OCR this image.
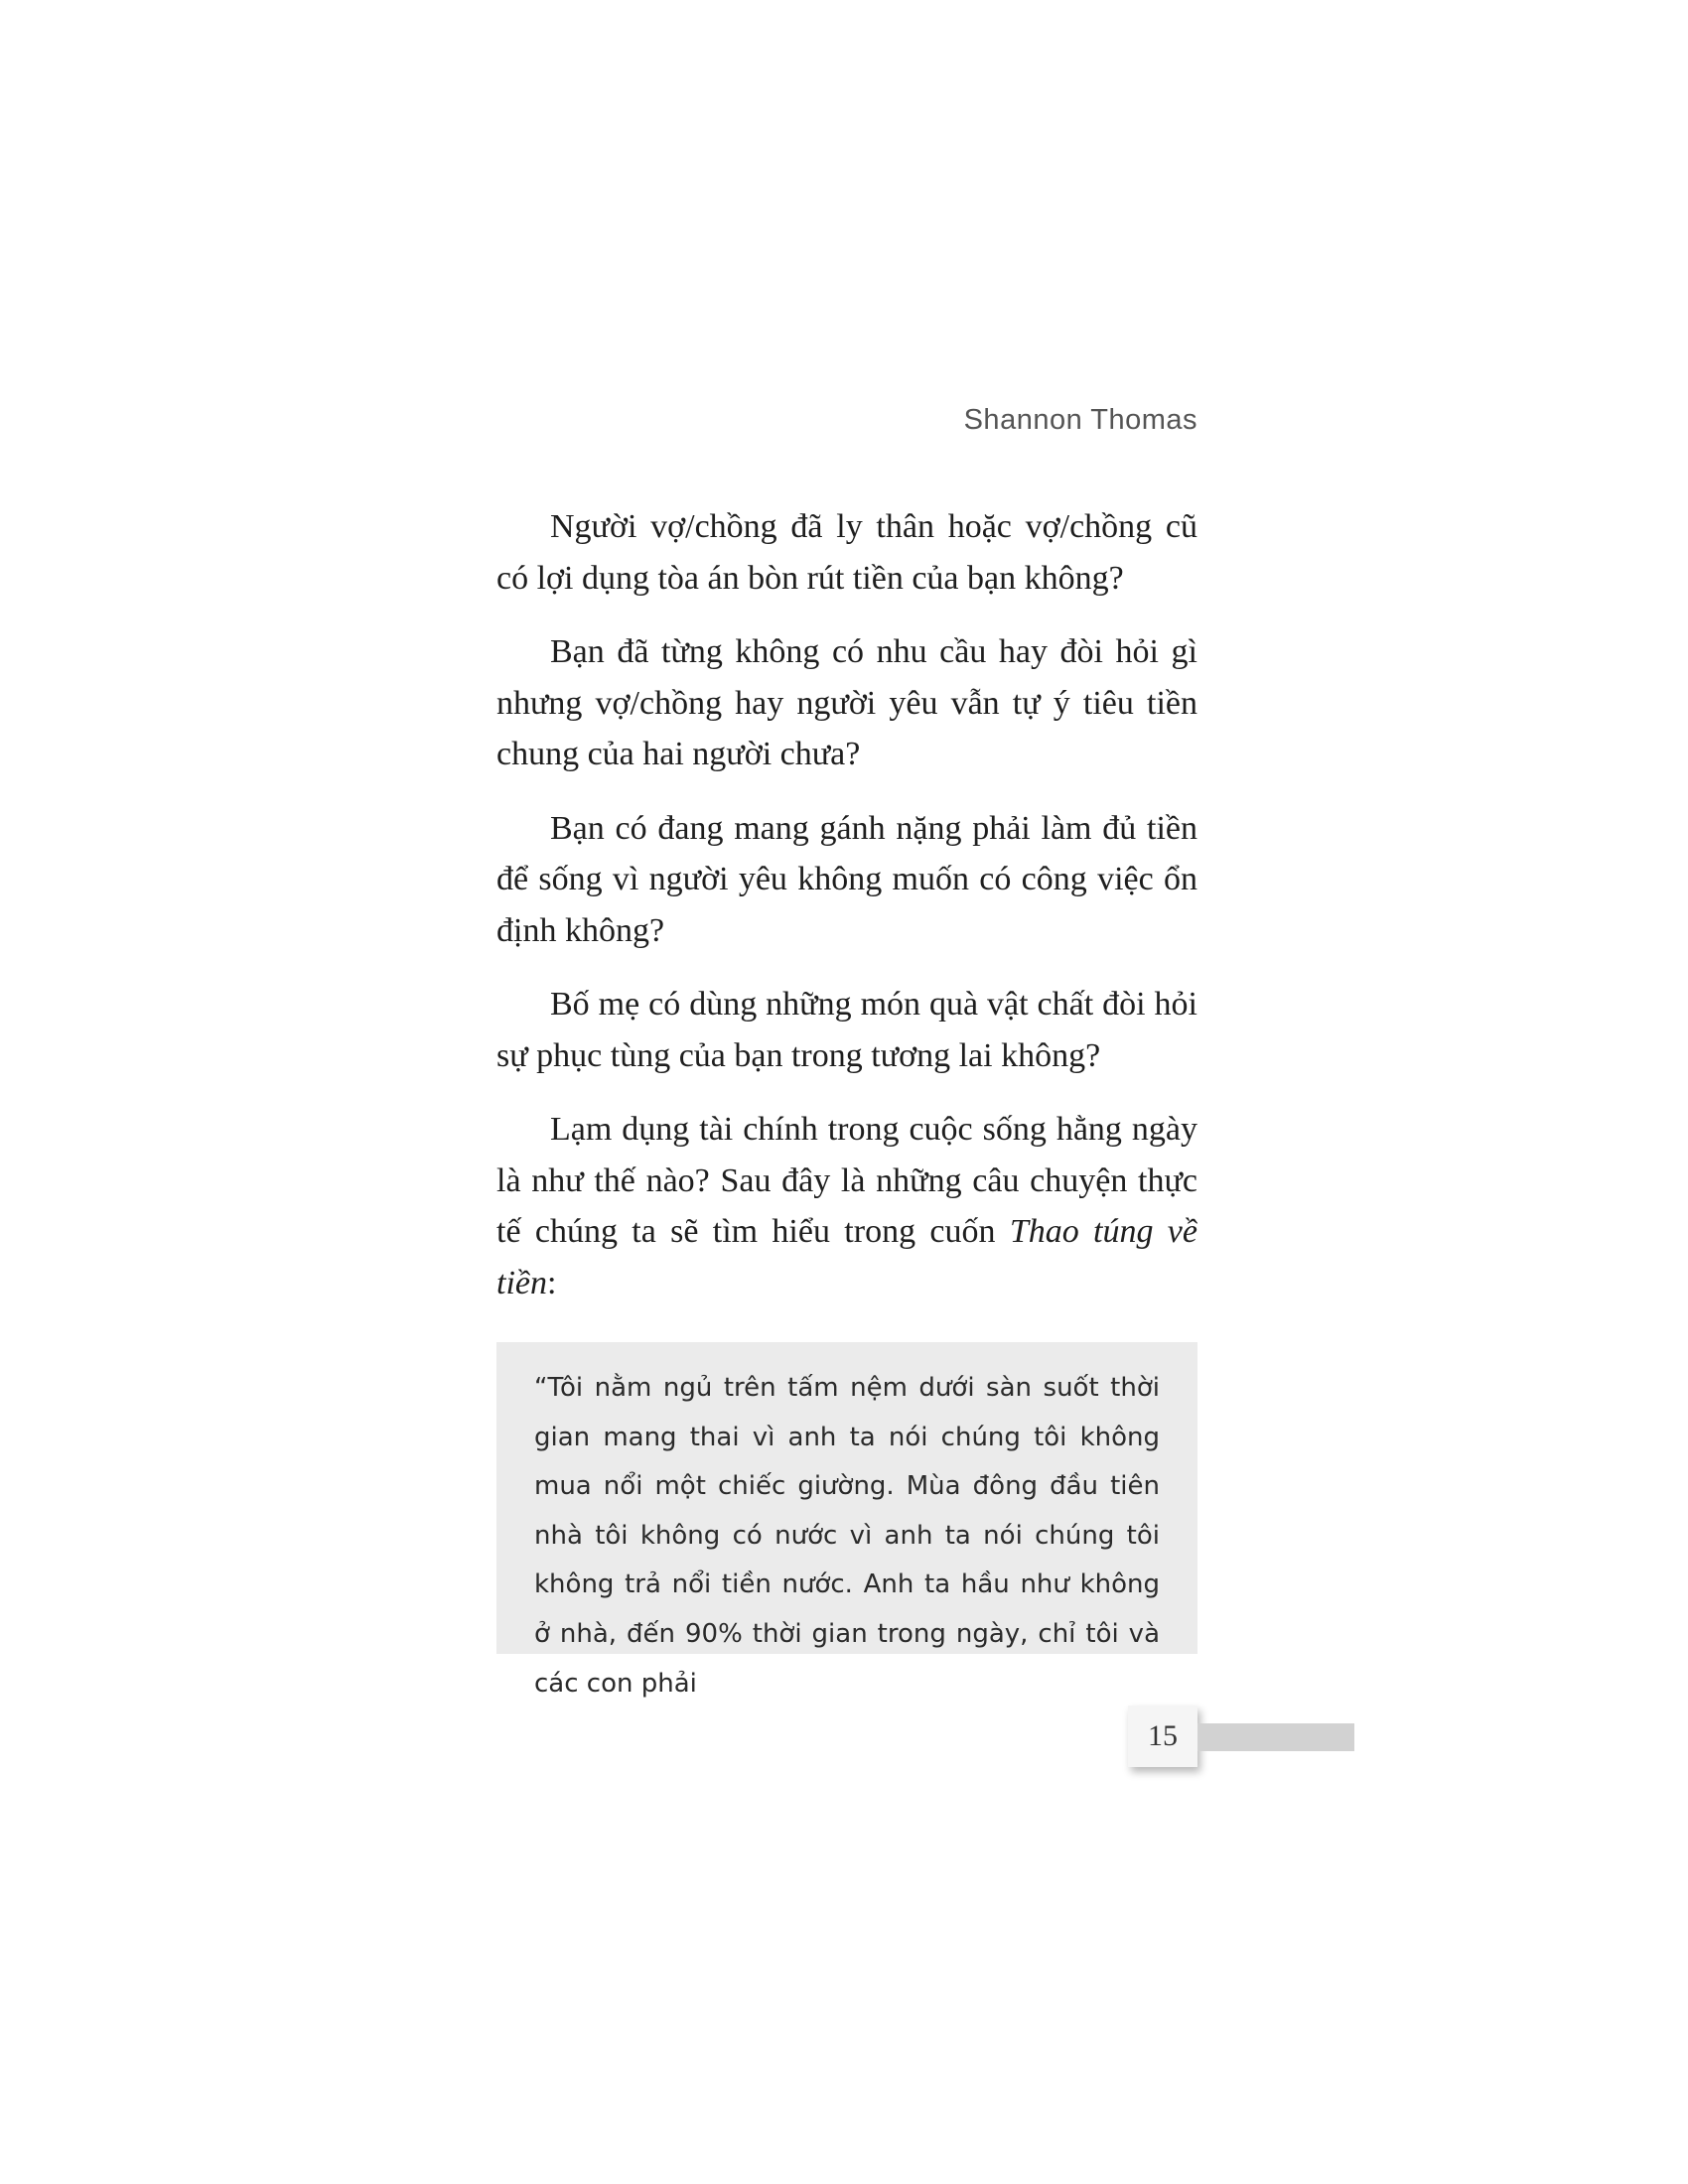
Shannon Thomas

Người vợ/chồng đã ly thân hoặc vợ/chồng cũ có lợi dụng tòa án bòn rút tiền của bạn không?

Bạn đã từng không có nhu cầu hay đòi hỏi gì nhưng vợ/chồng hay người yêu vẫn tự ý tiêu tiền chung của hai người chưa?

Bạn có đang mang gánh nặng phải làm đủ tiền để sống vì người yêu không muốn có công việc ổn định không?

Bố mẹ có dùng những món quà vật chất đòi hỏi sự phục tùng của bạn trong tương lai không?

Lạm dụng tài chính trong cuộc sống hằng ngày là như thế nào? Sau đây là những câu chuyện thực tế chúng ta sẽ tìm hiểu trong cuốn Thao túng về tiền:

“Tôi nằm ngủ trên tấm nệm dưới sàn suốt thời gian mang thai vì anh ta nói chúng tôi không mua nổi một chiếc giường. Mùa đông đầu tiên nhà tôi không có nước vì anh ta nói chúng tôi không trả nổi tiền nước. Anh ta hầu như không ở nhà, đến 90% thời gian trong ngày, chỉ tôi và các con phải
15
